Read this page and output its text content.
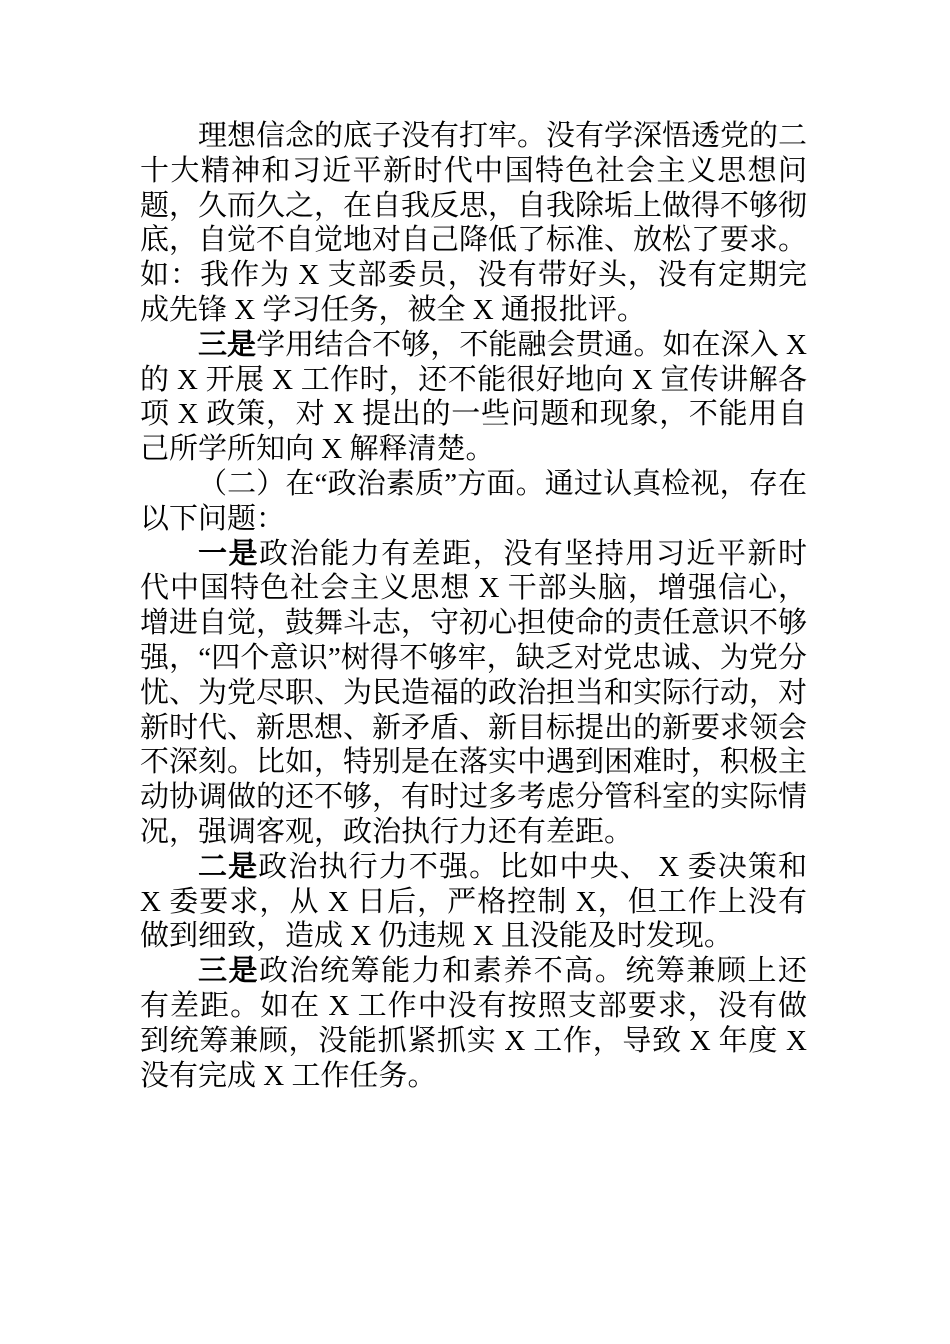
理想信念的底子没有打牢。没有学深悟透党的二十大精神和习近平新时代中国特色社会主义思想问题，久而久之，在自我反思，自我除垢上做得不够彻底，自觉不自觉地对自己降低了标准、放松了要求。如：我作为 X 支部委员，没有带好头，没有定期完成先锋 X 学习任务，被全 X 通报批评。

三是学用结合不够，不能融会贯通。如在深入 X 的 X 开展 X 工作时，还不能很好地向 X 宣传讲解各项 X 政策，对 X 提出的一些问题和现象，不能用自己所学所知向 X 解释清楚。

（二）在“政治素质”方面。通过认真检视，存在以下问题：

一是政治能力有差距，没有坚持用习近平新时代中国特色社会主义思想 X 干部头脑，增强信心，增进自觉，鼓舞斗志，守初心担使命的责任意识不够强，“四个意识”树得不够牢，缺乏对党忠诚、为党分忧、为党尽职、为民造福的政治担当和实际行动，对新时代、新思想、新矛盾、新目标提出的新要求领会不深刻。比如，特别是在落实中遇到困难时，积极主动协调做的还不够，有时过多考虑分管科室的实际情况，强调客观，政治执行力还有差距。

二是政治执行力不强。比如中央、 X 委决策和 X 委要求，从 X 日后，严格控制 X，但工作上没有做到细致，造成 X 仍违规 X 且没能及时发现。

三是政治统筹能力和素养不高。统筹兼顾上还有差距。如在 X 工作中没有按照支部要求，没有做到统筹兼顾，没能抓紧抓实 X 工作，导致 X 年度 X 没有完成 X 工作任务。
